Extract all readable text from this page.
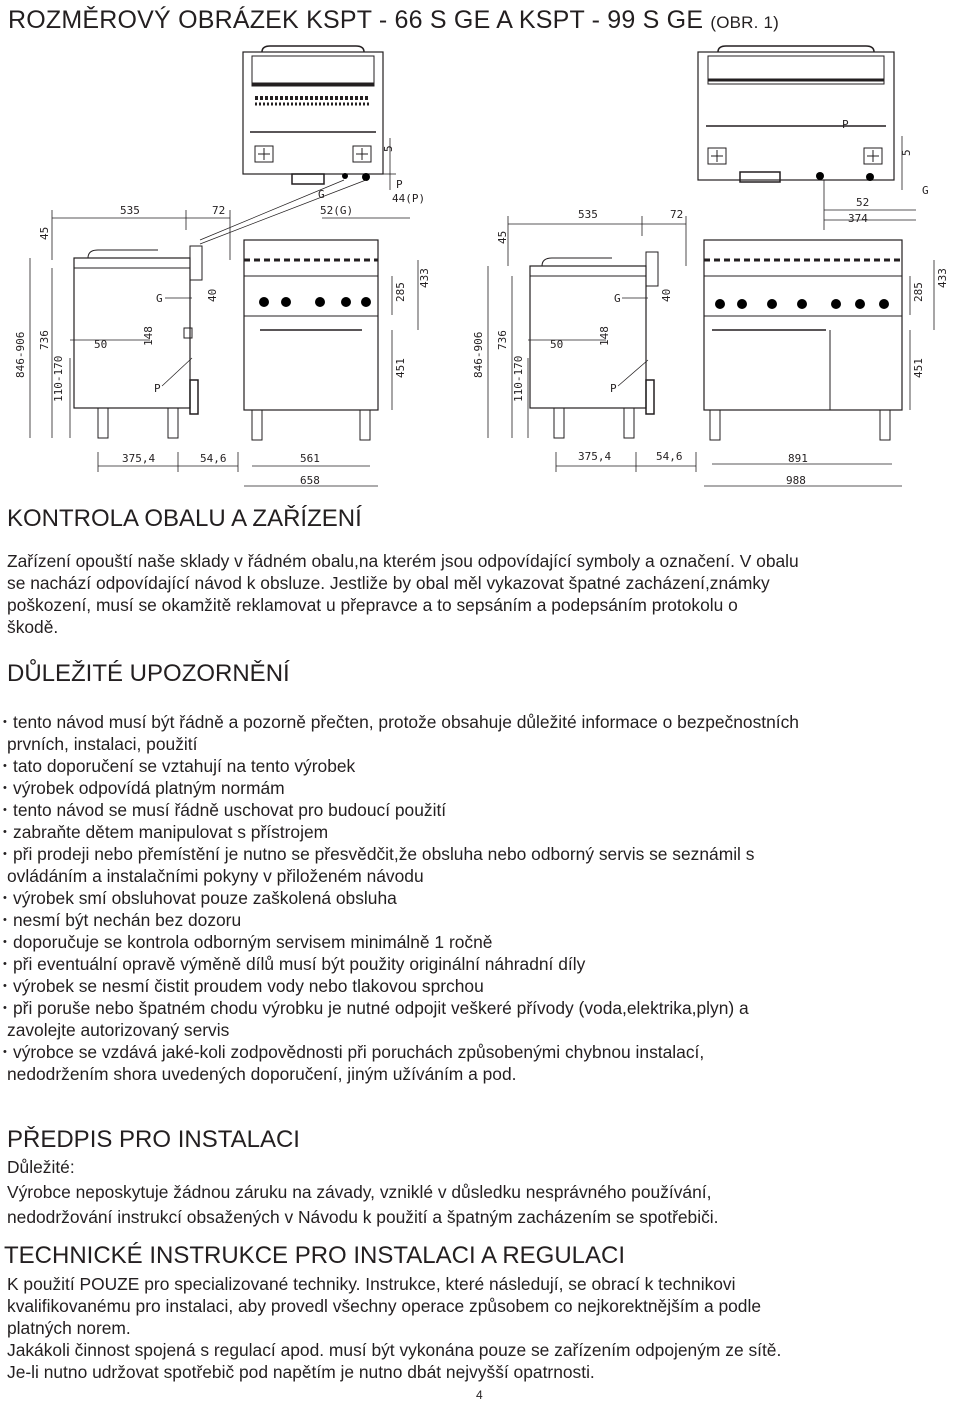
ROZMĚROVÝ OBRÁZEK KSPT - 66 S GE A KSPT - 99 S GE (OBR. 1)
535	72
G
52(G)
P
44(P)
5
G
P
45
40	285
433
846-906 736	148
50
110-170	451
375,4	54,6	561
658
P
5
G
52
374
535	72
G
P
45
40	285
433
846-906 736	148
50
110-170	451
375,4	54,6	891
988
KONTROLA OBALU A ZAŘÍZENÍ
Zařízení opouští naše sklady v řádném obalu,na kterém jsou odpovídající symboly a označení. V obalu
se nachází odpovídající návod k obsluze. Jestliže by obal měl vykazovat špatné zacházení,známky
poškození, musí se okamžitě reklamovat u přepravce a to sepsáním a podepsáním protokolu o
škodě.
DŮLEŽITÉ UPOZORNĚNÍ
• tento návod musí být řádně a pozorně přečten, protože obsahuje důležité informace o bezpečnostních
prvních, instalaci, použití
• tato doporučení se vztahují na tento výrobek
• výrobek odpovídá platným normám
• tento návod se musí řádně uschovat pro budoucí použití
• zabraňte dětem manipulovat s přístrojem
• při prodeji nebo přemístění je nutno se přesvědčit,že obsluha nebo odborný servis se seznámil s
ovládáním a instalačními pokyny v přiloženém návodu
• výrobek smí obsluhovat pouze zaškolená obsluha
• nesmí být nechán bez dozoru
• doporučuje se kontrola odborným servisem minimálně 1 ročně
• při eventuální opravě výměně dílů musí být použity originální náhradní díly
• výrobek se nesmí čistit proudem vody nebo tlakovou sprchou
• při poruše nebo špatném chodu výrobku je nutné odpojit veškeré přívody (voda,elektrika,plyn) a
zavolejte autorizovaný servis
• výrobce se vzdává jaké-koli zodpovědnosti při poruchách způsobenými chybnou instalací,
nedodržením shora uvedených doporučení, jiným užíváním a pod.
PŘEDPIS PRO INSTALACI
Důležité:
Výrobce neposkytuje žádnou záruku na závady, vzniklé v důsledku nesprávného používání,
nedodržování instrukcí obsažených v Návodu k použití a špatným zacházením se spotřebiči.
TECHNICKÉ INSTRUKCE PRO INSTALACI A REGULACI
K použití POUZE pro specializované techniky. Instrukce, které následují, se obrací k technikovi
kvalifikovanému pro instalaci, aby provedl všechny operace způsobem co nejkorektnějším a podle
platných norem.
Jakákoli činnost spojená s regulací apod. musí být vykonána pouze se zařízením odpojeným ze sítě.
Je-li nutno udržovat spotřebič pod napětím je nutno dbát nejvyšší opatrnosti.
4
